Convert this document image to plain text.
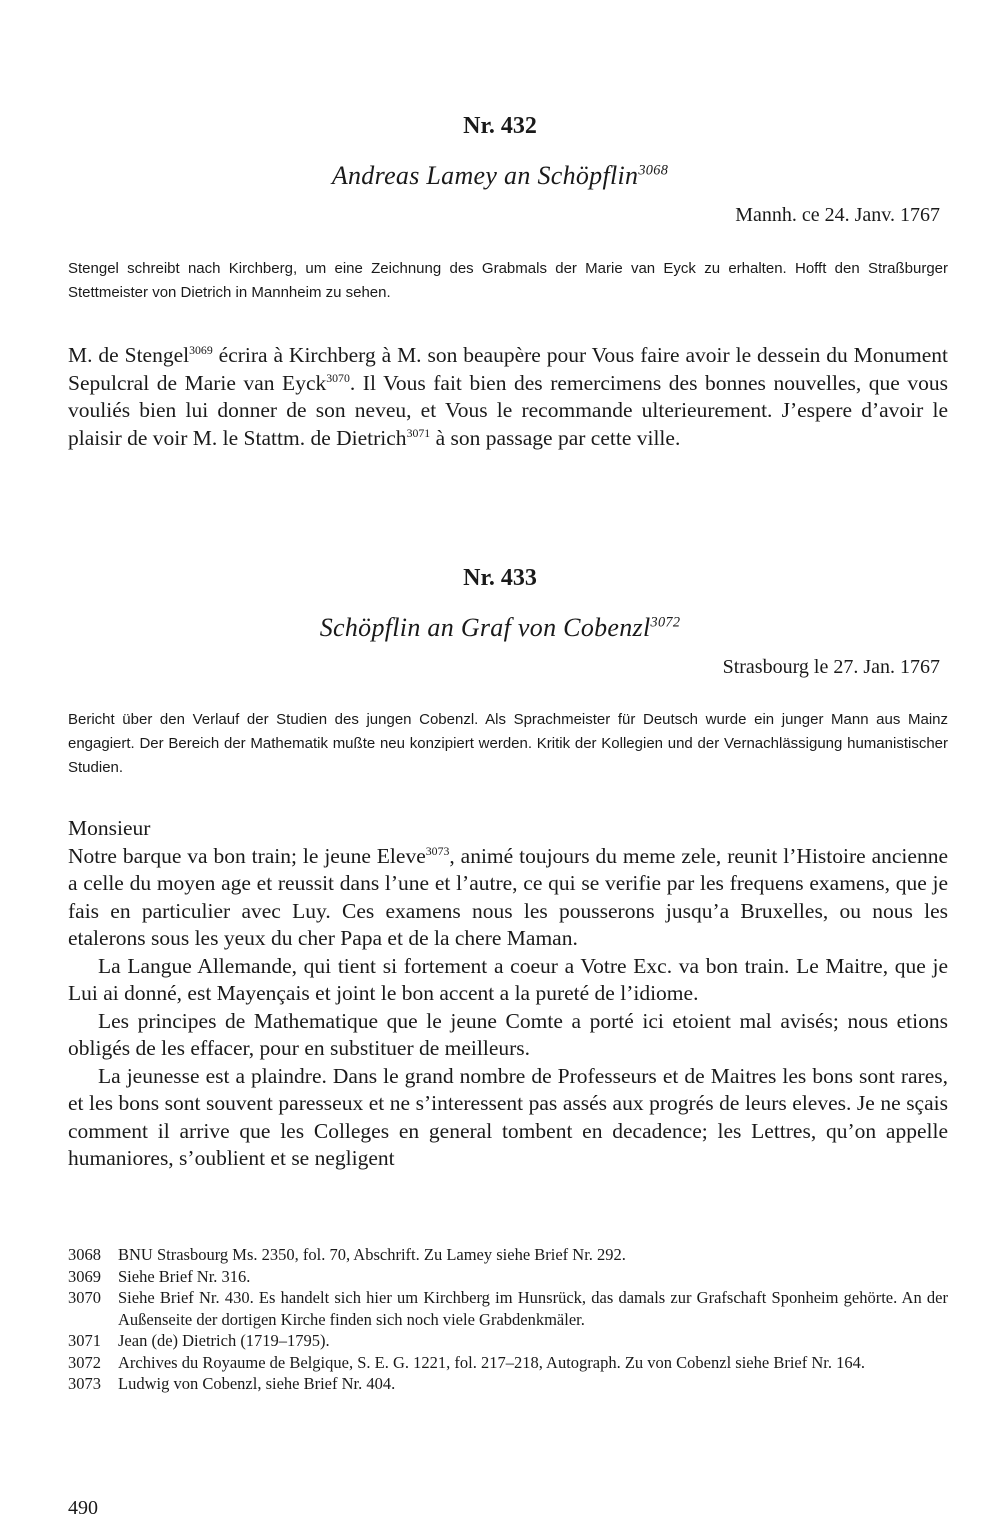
Nr. 432
Andreas Lamey an Schöpflin$^{3068}$
Mannh. ce 24. Janv. 1767
Stengel schreibt nach Kirchberg, um eine Zeichnung des Grabmals der Marie van Eyck zu erhalten. Hofft den Straßburger Stettmeister von Dietrich in Mannheim zu sehen.

M. de Stengel$^{3069}$ écrira à Kirchberg à M. son beaupère pour Vous faire avoir le dessein du Monument Sepulcral de Marie van Eyck$^{3070}$. Il Vous fait bien des remercimens des bonnes nouvelles, que vous vouliés bien lui donner de son neveu, et Vous le recommande ulterieurement. J’espere d’avoir le plaisir de voir M. le Stattm. de Dietrich$^{3071}$ à son passage par cette ville.

Nr. 433
Schöpflin an Graf von Cobenzl$^{3072}$
Strasbourg le 27. Jan. 1767
Bericht über den Verlauf der Studien des jungen Cobenzl. Als Sprachmeister für Deutsch wurde ein junger Mann aus Mainz engagiert. Der Bereich der Mathematik mußte neu konzipiert werden. Kritik der Kollegien und der Vernachlässigung humanistischer Studien.

Monsieur

Notre barque va bon train; le jeune Eleve$^{3073}$, animé toujours du meme zele, reunit l’Histoire ancienne a celle du moyen age et reussit dans l’une et l’autre, ce qui se verifie par les frequens examens, que je fais en particulier avec Luy. Ces examens nous les pousserons jusqu’a Bruxelles, ou nous les etalerons sous les yeux du cher Papa et de la chere Maman.

La Langue Allemande, qui tient si fortement a coeur a Votre Exc. va bon train. Le Maitre, que je Lui ai donné, est Mayençais et joint le bon accent a la pureté de l’idiome.

Les principes de Mathematique que le jeune Comte a porté ici etoient mal avisés; nous etions obligés de les effacer, pour en substituer de meilleurs.

La jeunesse est a plaindre. Dans le grand nombre de Professeurs et de Maitres les bons sont rares, et les bons sont souvent paresseux et ne s’interessent pas assés aux progrés de leurs eleves. Je ne sçais comment il arrive que les Colleges en general tombent en decadence; les Lettres, qu’on appelle humaniores, s’oublient et se negligent

3068	BNU Strasbourg Ms. 2350, fol. 70, Abschrift. Zu Lamey siehe Brief Nr. 292.
3069	Siehe Brief Nr. 316.
3070	Siehe Brief Nr. 430. Es handelt sich hier um Kirchberg im Hunsrück, das damals zur Grafschaft Sponheim gehörte. An der Außenseite der dortigen Kirche finden sich noch viele Grabdenkmäler.
3071	Jean (de) Dietrich (1719–1795).
3072	Archives du Royaume de Belgique, S. E. G. 1221, fol. 217–218, Autograph. Zu von Cobenzl siehe Brief Nr. 164.
3073	Ludwig von Cobenzl, siehe Brief Nr. 404.
490
